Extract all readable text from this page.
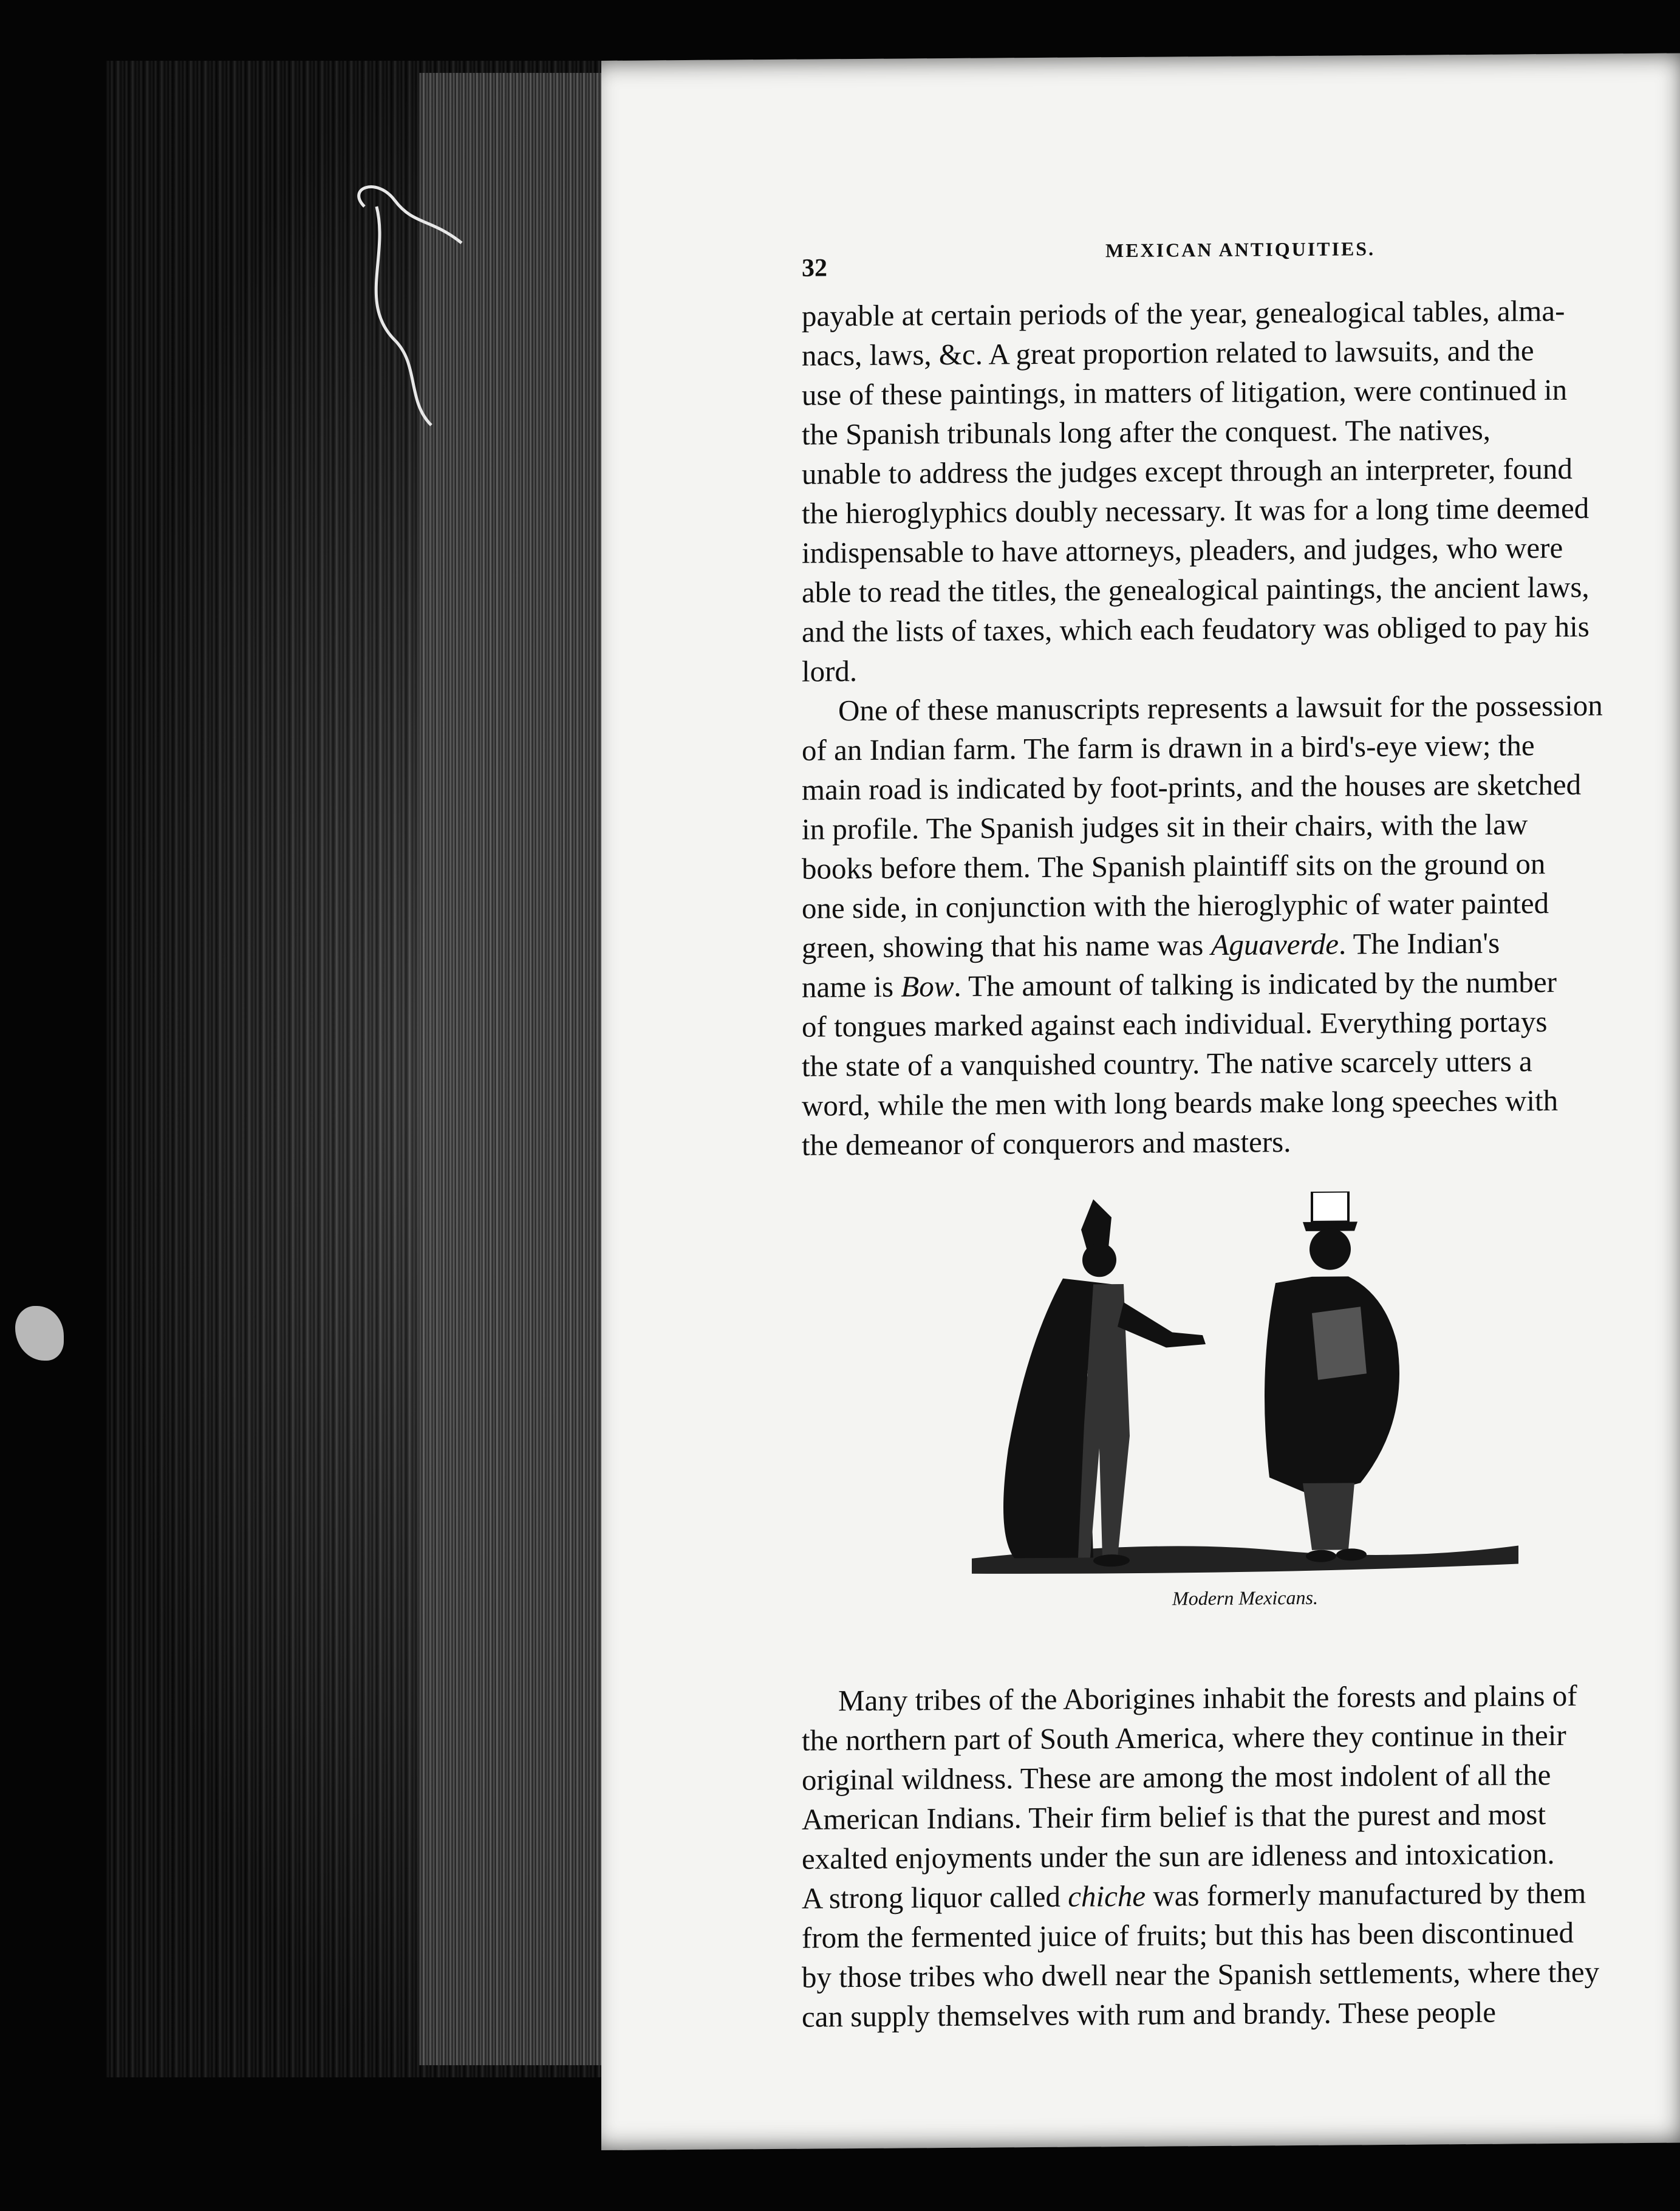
32
MEXICAN ANTIQUITIES.
payable at certain periods of the year, genealogical tables, alma-
nacs, laws, &c. A great proportion related to lawsuits, and the
use of these paintings, in matters of litigation, were continued in
the Spanish tribunals long after the conquest. The natives,
unable to address the judges except through an interpreter, found
the hieroglyphics doubly necessary. It was for a long time deemed
indispensable to have attorneys, pleaders, and judges, who were
able to read the titles, the genealogical paintings, the ancient laws,
and the lists of taxes, which each feudatory was obliged to pay his
lord.
One of these manuscripts represents a lawsuit for the possession
of an Indian farm. The farm is drawn in a bird's-eye view; the
main road is indicated by foot-prints, and the houses are sketched
in profile. The Spanish judges sit in their chairs, with the law
books before them. The Spanish plaintiff sits on the ground on
one side, in conjunction with the hieroglyphic of water painted
green, showing that his name was Aguaverde. The Indian's
name is Bow. The amount of talking is indicated by the number
of tongues marked against each individual. Everything portays
the state of a vanquished country. The native scarcely utters a
word, while the men with long beards make long speeches with
the demeanor of conquerors and masters.
Modern Mexicans.
Many tribes of the Aborigines inhabit the forests and plains of
the northern part of South America, where they continue in their
original wildness. These are among the most indolent of all the
American Indians. Their firm belief is that the purest and most
exalted enjoyments under the sun are idleness and intoxication.
A strong liquor called chiche was formerly manufactured by them
from the fermented juice of fruits; but this has been discontinued
by those tribes who dwell near the Spanish settlements, where they
can supply themselves with rum and brandy. These people
